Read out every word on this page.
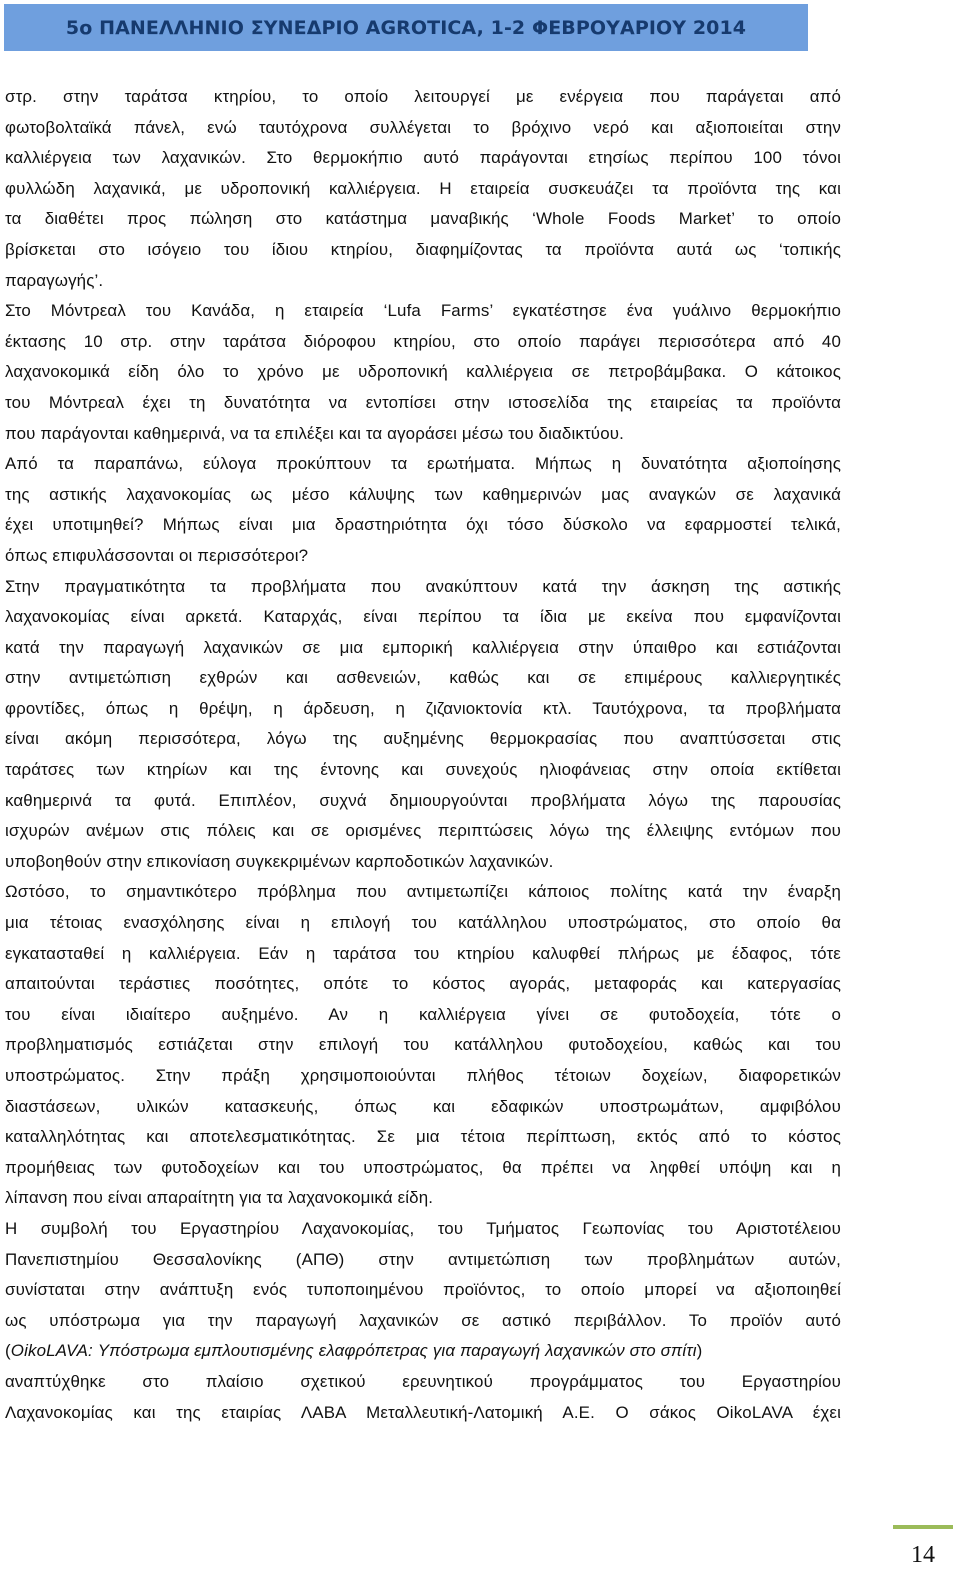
5ο ΠΑΝΕΛΛΗΝΙΟ ΣΥΝΕΔΡΙΟ AGROTICA, 1-2 ΦΕΒΡΟΥΑΡΙΟΥ 2014

στρ. στην ταράτσα κτηρίου, το οποίο λειτουργεί με ενέργεια που παράγεται από
φωτοβολταϊκά πάνελ, ενώ ταυτόχρονα συλλέγεται το βρόχινο νερό και αξιοποιείται στην
καλλιέργεια των λαχανικών. Στο θερμοκήπιο αυτό παράγονται ετησίως περίπου 100 τόνοι
φυλλώδη λαχανικά, με υδροπονική καλλιέργεια. Η εταιρεία συσκευάζει τα προϊόντα της και
τα διαθέτει προς πώληση στο κατάστημα μαναβικής ‘Whole Foods Market’ το οποίο
βρίσκεται στο ισόγειο του ίδιου κτηρίου, διαφημίζοντας τα προϊόντα αυτά ως ‘τοπικής
παραγωγής’.

Στο Μόντρεαλ του Κανάδα, η εταιρεία ‘Lufa Farms’ εγκατέστησε ένα γυάλινο θερμοκήπιο
έκτασης 10 στρ. στην ταράτσα διόροφου κτηρίου, στο οποίο παράγει περισσότερα από 40
λαχανοκομικά είδη όλο το χρόνο με υδροπονική καλλιέργεια σε πετροβάμβακα. Ο κάτοικος
του Μόντρεαλ έχει τη δυνατότητα να εντοπίσει στην ιστοσελίδα της εταιρείας τα προϊόντα
που παράγονται καθημερινά, να τα επιλέξει και τα αγοράσει μέσω του διαδικτύου.

Από τα παραπάνω, εύλογα προκύπτουν τα ερωτήματα. Μήπως η δυνατότητα αξιοποίησης
της αστικής λαχανοκομίας ως μέσο κάλυψης των καθημερινών μας αναγκών σε λαχανικά
έχει υποτιμηθεί? Μήπως είναι μια δραστηριότητα όχι τόσο δύσκολο να εφαρμοστεί τελικά,
όπως επιφυλάσσονται οι περισσότεροι?

Στην πραγματικότητα τα προβλήματα που ανακύπτουν κατά την άσκηση της αστικής
λαχανοκομίας είναι αρκετά. Καταρχάς, είναι περίπου τα ίδια με εκείνα που εμφανίζονται
κατά την παραγωγή λαχανικών σε μια εμπορική καλλιέργεια στην ύπαιθρο και εστιάζονται
στην αντιμετώπιση εχθρών και ασθενειών, καθώς και σε επιμέρους καλλιεργητικές
φροντίδες, όπως η θρέψη, η άρδευση, η ζιζανιοκτονία κτλ. Ταυτόχρονα, τα προβλήματα
είναι ακόμη περισσότερα, λόγω της αυξημένης θερμοκρασίας που αναπτύσσεται στις
ταράτσες των κτηρίων και της έντονης και συνεχούς ηλιοφάνειας στην οποία εκτίθεται
καθημερινά τα φυτά. Επιπλέον, συχνά δημιουργούνται προβλήματα λόγω της παρουσίας
ισχυρών ανέμων στις πόλεις και σε ορισμένες περιπτώσεις λόγω της έλλειψης εντόμων που
υποβοηθούν στην επικονίαση συγκεκριμένων καρποδοτικών λαχανικών.

Ωστόσο, το σημαντικότερο πρόβλημα που αντιμετωπίζει κάποιος πολίτης κατά την έναρξη
μια τέτοιας ενασχόλησης είναι η επιλογή του κατάλληλου υποστρώματος, στο οποίο θα
εγκατασταθεί η καλλιέργεια. Εάν η ταράτσα του κτηρίου καλυφθεί πλήρως με έδαφος, τότε
απαιτούνται τεράστιες ποσότητες, οπότε το κόστος αγοράς, μεταφοράς και κατεργασίας
του είναι ιδιαίτερο αυξημένο. Αν η καλλιέργεια γίνει σε φυτοδοχεία, τότε ο
προβληματισμός εστιάζεται στην επιλογή του κατάλληλου φυτοδοχείου, καθώς και του
υποστρώματος. Στην πράξη χρησιμοποιούνται πλήθος τέτοιων δοχείων, διαφορετικών
διαστάσεων, υλικών κατασκευής, όπως και εδαφικών υποστρωμάτων, αμφιβόλου
καταλληλότητας και αποτελεσματικότητας. Σε μια τέτοια περίπτωση, εκτός από το κόστος
προμήθειας των φυτοδοχείων και του υποστρώματος, θα πρέπει να ληφθεί υπόψη και η
λίπανση που είναι απαραίτητη για τα λαχανοκομικά είδη.

Η συμβολή του Εργαστηρίου Λαχανοκομίας, του Τμήματος Γεωπονίας του Αριστοτέλειου
Πανεπιστημίου Θεσσαλονίκης (ΑΠΘ) στην αντιμετώπιση των προβλημάτων αυτών,
συνίσταται στην ανάπτυξη ενός τυποποιημένου προϊόντος, το οποίο μπορεί να αξιοποιηθεί
ως υπόστρωμα για την παραγωγή λαχανικών σε αστικό περιβάλλον. Το προϊόν αυτό
(OikoLAVA: Υπόστρωμα εμπλουτισμένης ελαφρόπετρας για παραγωγή λαχανικών στο σπίτι)
αναπτύχθηκε στο πλαίσιο σχετικού ερευνητικού προγράμματος του Εργαστηρίου
Λαχανοκομίας και της εταιρίας ΛΑΒΑ Μεταλλευτική-Λατομική Α.Ε. Ο σάκος OikoLAVA έχει

14
